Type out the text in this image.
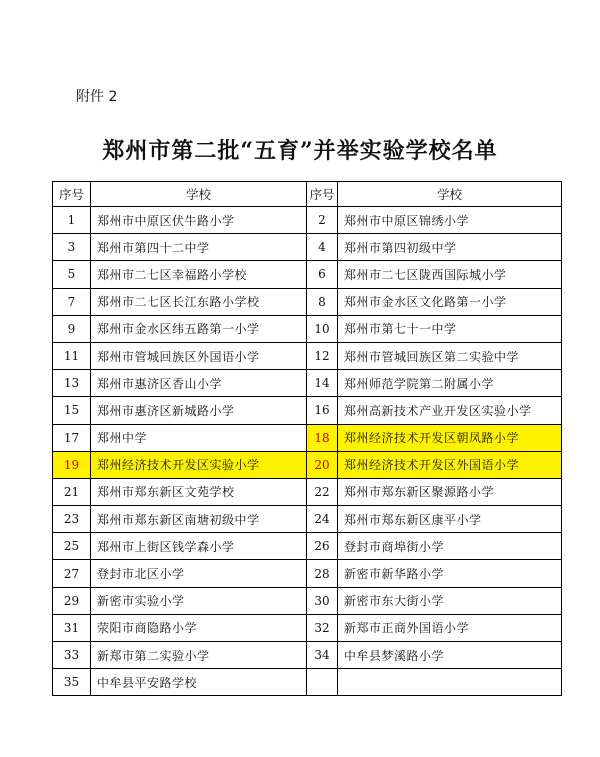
附件 2
郑州市第二批“五育”并举实验学校名单
序号	学校	序号	学校
1	郑州市中原区伏牛路小学	2	郑州市中原区锦绣小学
3	郑州市第四十二中学	4	郑州市第四初级中学
5	郑州市二七区幸福路小学校	6	郑州市二七区陇西国际城小学
7	郑州市二七区长江东路小学校	8	郑州市金水区文化路第一小学
9	郑州市金水区纬五路第一小学	10	郑州市第七十一中学
11	郑州市管城回族区外国语小学	12	郑州市管城回族区第二实验中学
13	郑州市惠济区香山小学	14	郑州师范学院第二附属小学
15	郑州市惠济区新城路小学	16	郑州高新技术产业开发区实验小学
17	郑州中学	18	郑州经济技术开发区朝凤路小学
19	郑州经济技术开发区实验小学	20	郑州经济技术开发区外国语小学
21	郑州市郑东新区文苑学校	22	郑州市郑东新区聚源路小学
23	郑州市郑东新区南塘初级中学	24	郑州市郑东新区康平小学
25	郑州市上街区钱学森小学	26	登封市商埠街小学
27	登封市北区小学	28	新密市新华路小学
29	新密市实验小学	30	新密市东大街小学
31	荥阳市商隐路小学	32	新郑市正商外国语小学
33	新郑市第二实验小学	34	中牟县梦溪路小学
35	中牟县平安路学校		
